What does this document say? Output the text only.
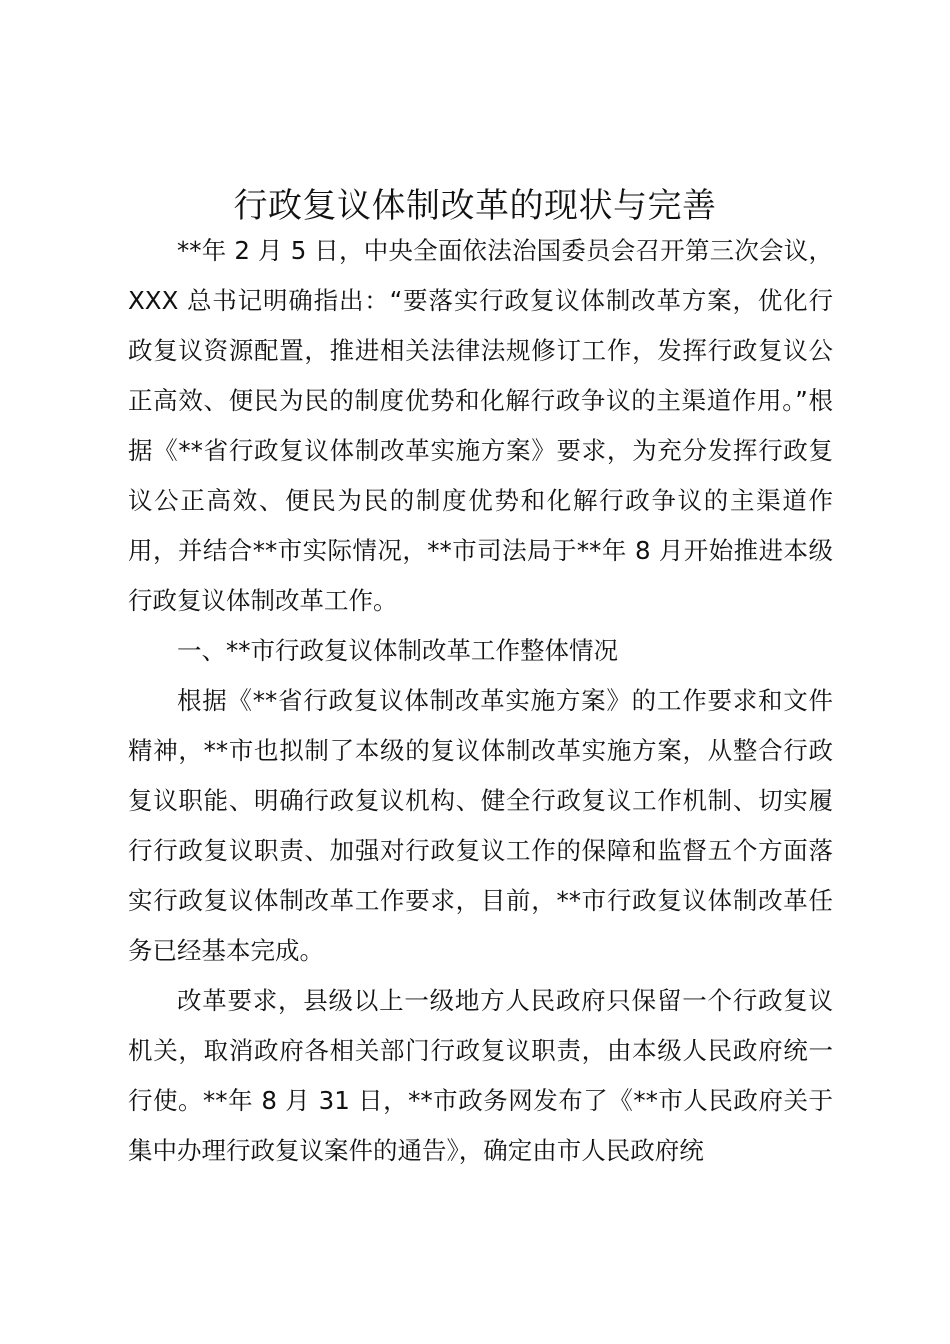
行政复议体制改革的现状与完善

**年 2 月 5 日，中央全面依法治国委员会召开第三次会议，XXX 总书记明确指出：“要落实行政复议体制改革方案，优化行政复议资源配置，推进相关法律法规修订工作，发挥行政复议公正高效、便民为民的制度优势和化解行政争议的主渠道作用。”根据《**省行政复议体制改革实施方案》要求，为充分发挥行政复议公正高效、便民为民的制度优势和化解行政争议的主渠道作用，并结合**市实际情况，**市司法局于**年 8 月开始推进本级行政复议体制改革工作。

一、**市行政复议体制改革工作整体情况

根据《**省行政复议体制改革实施方案》的工作要求和文件精神，**市也拟制了本级的复议体制改革实施方案，从整合行政复议职能、明确行政复议机构、健全行政复议工作机制、切实履行行政复议职责、加强对行政复议工作的保障和监督五个方面落实行政复议体制改革工作要求，目前，**市行政复议体制改革任务已经基本完成。

改革要求，县级以上一级地方人民政府只保留一个行政复议机关，取消政府各相关部门行政复议职责，由本级人民政府统一行使。**年 8 月 31 日，**市政务网发布了《**市人民政府关于集中办理行政复议案件的通告》，确定由市人民政府统
